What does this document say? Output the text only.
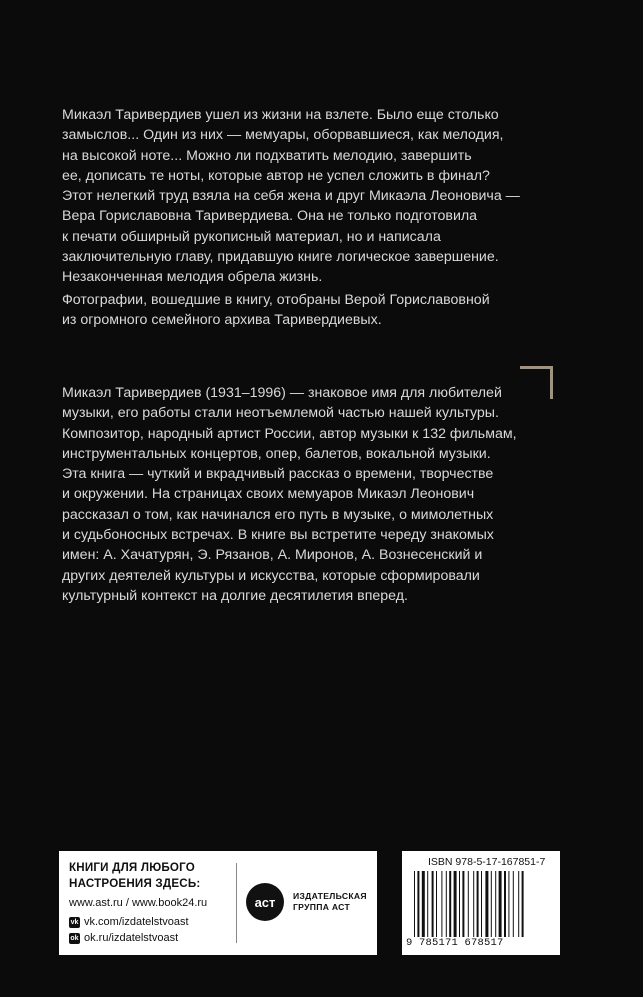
Микаэл Таривердиев ушел из жизни на взлете. Было еще столько
замыслов... Один из них — мемуары, оборвавшиеся, как мелодия,
на высокой ноте... Можно ли подхватить мелодию, завершить
ее, дописать те ноты, которые автор не успел сложить в финал?
Этот нелегкий труд взяла на себя жена и друг Микаэла Леоновича —
Вера Гориславовна Таривердиева. Она не только подготовила
к печати обширный рукописный материал, но и написала
заключительную главу, придавшую книге логическое завершение.
Незаконченная мелодия обрела жизнь.
Фотографии, вошедшие в книгу, отобраны Верой Гориславовной
из огромного семейного архива Таривердиевых.
Микаэл Таривердиев (1931–1996) — знаковое имя для любителей
музыки, его работы стали неотъемлемой частью нашей культуры.
Композитор, народный артист России, автор музыки к 132 фильмам,
инструментальных концертов, опер, балетов, вокальной музыки.
Эта книга — чуткий и вкрадчивый рассказ о времени, творчестве
и окружении. На страницах своих мемуаров Микаэл Леонович
рассказал о том, как начинался его путь в музыке, о мимолетных
и судьбоносных встречах. В книге вы встретите череду знакомых
имен: А. Хачатурян, Э. Рязанов, А. Миронов, А. Вознесенский и
других деятелей культуры и искусства, которые сформировали
культурный контекст на долгие десятилетия вперед.
КНИГИ ДЛЯ ЛЮБОГО
НАСТРОЕНИЯ ЗДЕСЬ:
www.ast.ru / www.book24.ru
vk vk.com/izdatelstvoast
ok ok.ru/izdatelstvoast
аст ИЗДАТЕЛЬСКАЯ
ГРУППА АСТ
ISBN 978-5-17-167851-7
9 785171 678517
